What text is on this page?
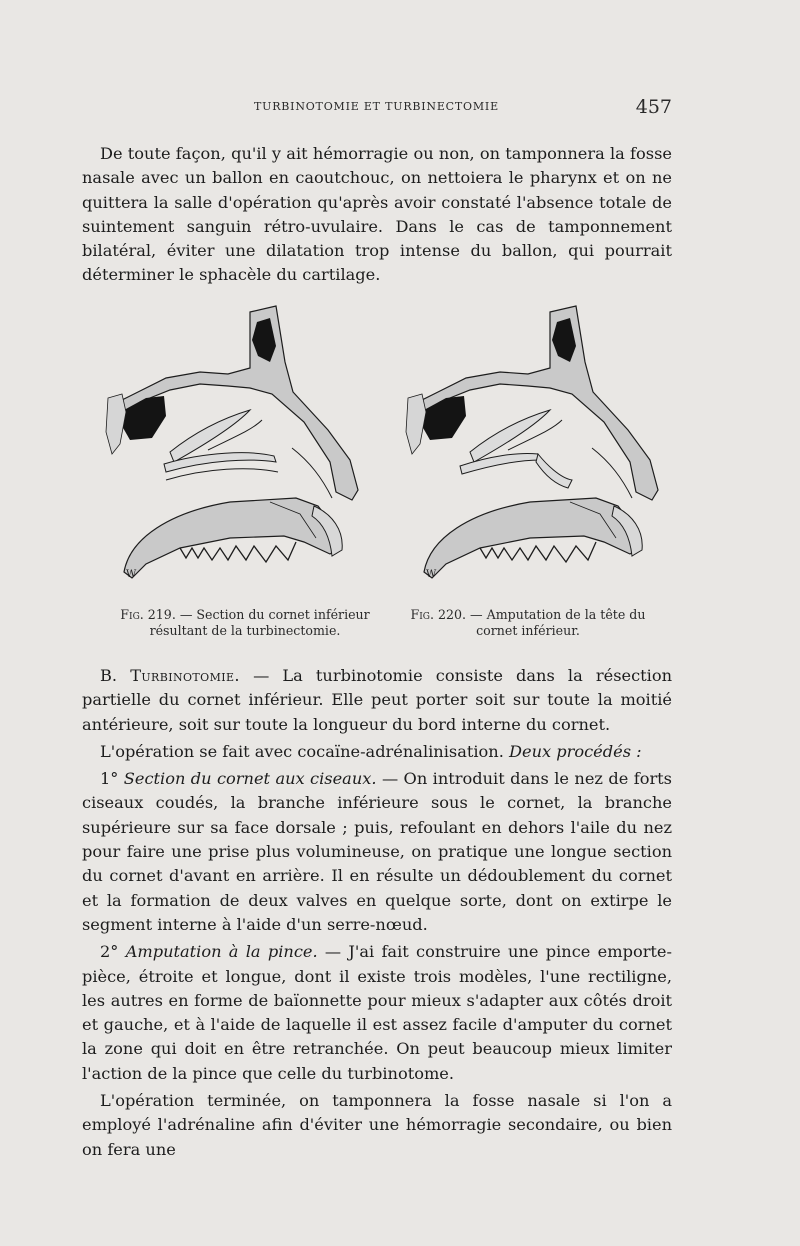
TURBINOTOMIE ET TURBINECTOMIE	457

De toute façon, qu'il y ait hémorragie ou non, on tamponnera la fosse nasale avec un ballon en caoutchouc, on nettoiera le pharynx et on ne quittera la salle d'opération qu'après avoir constaté l'absence totale de suintement sanguin rétro-uvulaire. Dans le cas de tamponnement bilatéral, éviter une dilatation trop intense du ballon, qui pourrait déterminer le sphacèle du cartilage.

Fig. 219. — Section du cornet inférieur résultant de la turbinectomie.
Fig. 220. — Amputation de la tête du cornet inférieur.

B. Turbinotomie. — La turbinotomie consiste dans la résection partielle du cornet inférieur. Elle peut porter soit sur toute la moitié antérieure, soit sur toute la longueur du bord interne du cornet.

L'opération se fait avec cocaïne-adrénalinisation. Deux procédés :

1° Section du cornet aux ciseaux. — On introduit dans le nez de forts ciseaux coudés, la branche inférieure sous le cornet, la branche supérieure sur sa face dorsale ; puis, refoulant en dehors l'aile du nez pour faire une prise plus volumineuse, on pratique une longue section du cornet d'avant en arrière. Il en résulte un dédoublement du cornet et la formation de deux valves en quelque sorte, dont on extirpe le segment interne à l'aide d'un serre-nœud.

2° Amputation à la pince. — J'ai fait construire une pince emporte-pièce, étroite et longue, dont il existe trois modèles, l'une rectiligne, les autres en forme de baïonnette pour mieux s'adapter aux côtés droit et gauche, et à l'aide de laquelle il est assez facile d'amputer du cornet la zone qui doit en être retranchée. On peut beaucoup mieux limiter l'action de la pince que celle du turbinotome.

L'opération terminée, on tamponnera la fosse nasale si l'on a employé l'adrénaline afin d'éviter une hémorragie secondaire, ou bien on fera une
